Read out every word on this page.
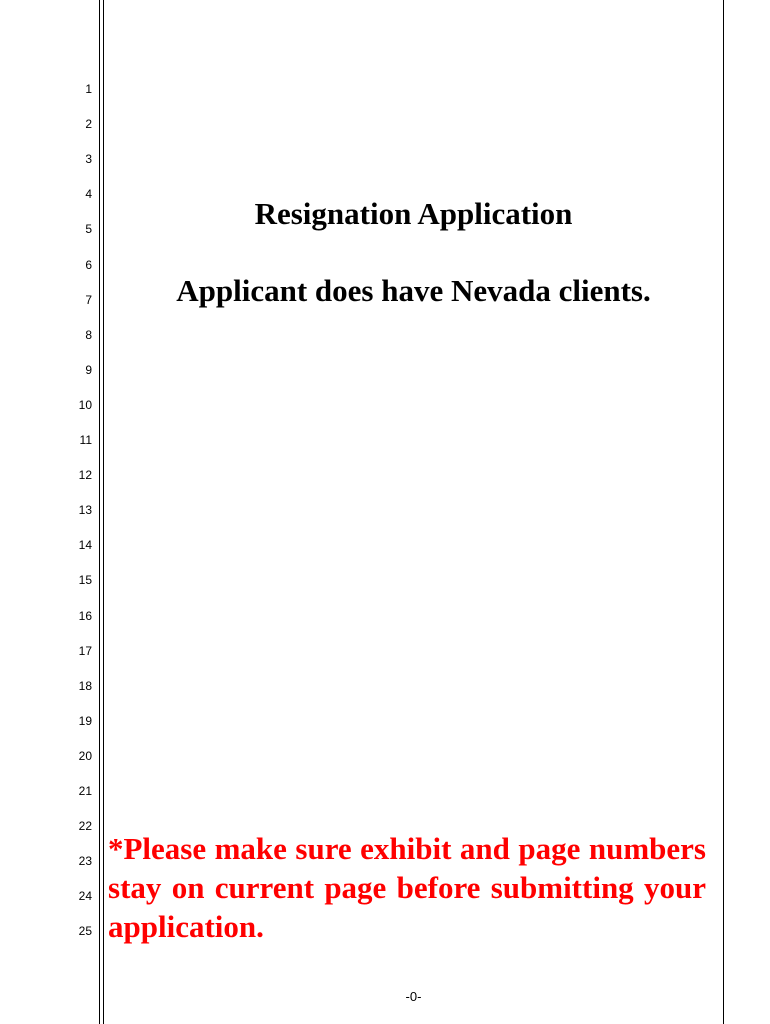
1
2
3
4
5
6
7
8
9
10
11
12
13
14
15
16
17
18
19
20
21
22
23
24
25
Resignation Application
Applicant does have Nevada clients.

*Please make sure exhibit and page numbers stay on current page before submitting your application.

-0-
